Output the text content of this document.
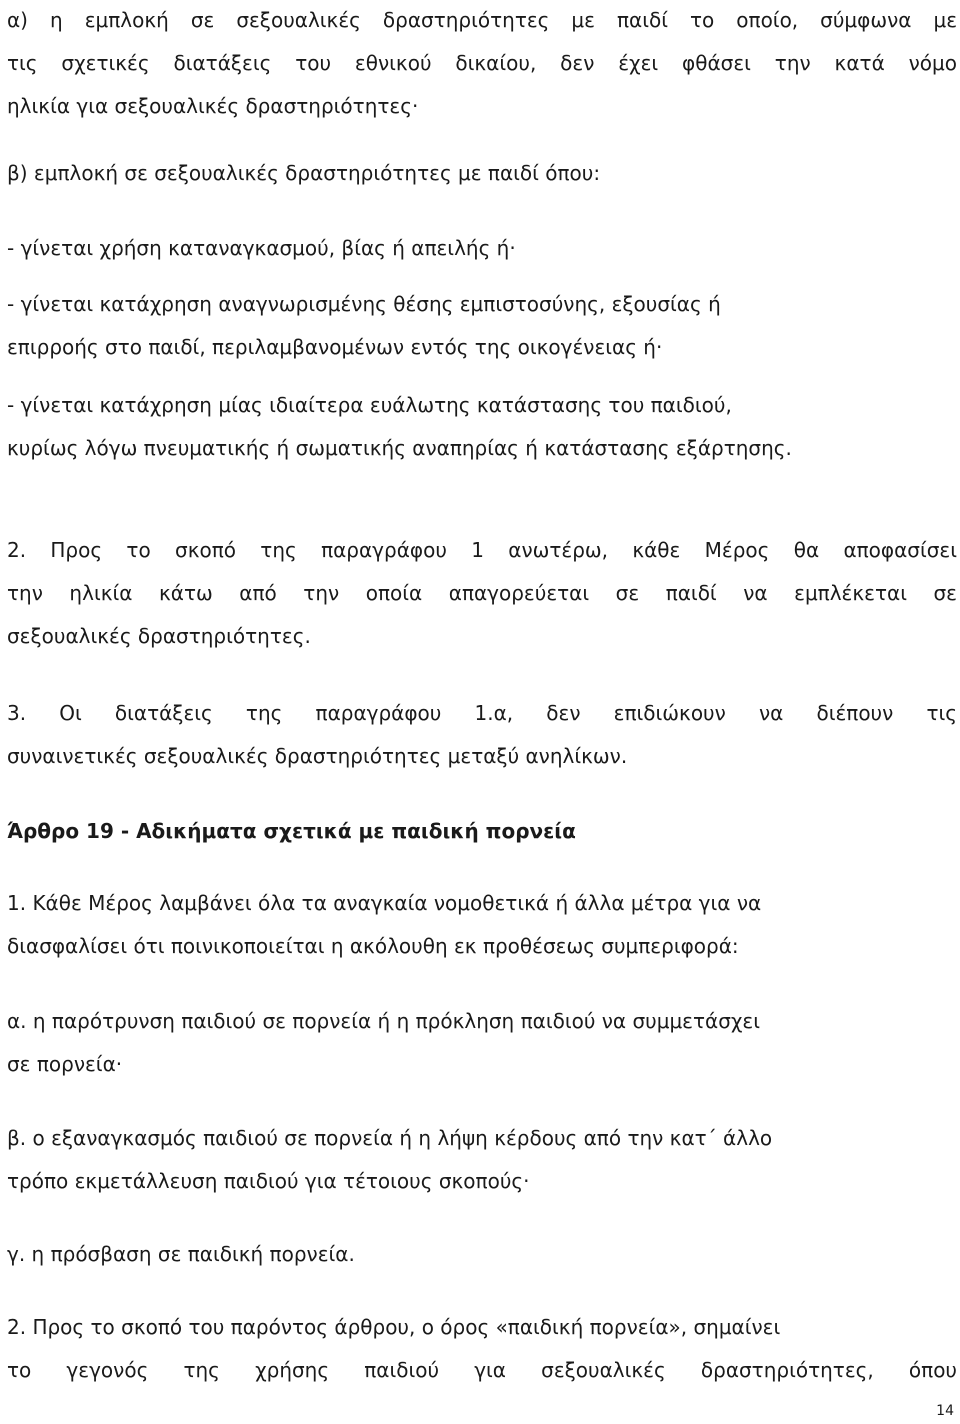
α) η εμπλοκή σε σεξουαλικές δραστηριότητες με παιδί το οποίο, σύμφωνα με
τις σχετικές διατάξεις του εθνικού δικαίου, δεν έχει φθάσει την κατά νόμο
ηλικία για σεξουαλικές δραστηριότητες·

β) εμπλοκή σε σεξουαλικές δραστηριότητες με παιδί όπου:

- γίνεται χρήση καταναγκασμού, βίας ή απειλής ή·

- γίνεται κατάχρηση αναγνωρισμένης θέσης εμπιστοσύνης, εξουσίας ή
επιρροής στο παιδί, περιλαμβανομένων εντός της οικογένειας ή·

- γίνεται κατάχρηση μίας ιδιαίτερα ευάλωτης κατάστασης του παιδιού,
κυρίως λόγω πνευματικής ή σωματικής αναπηρίας ή κατάστασης εξάρτησης.

2. Προς το σκοπό της παραγράφου 1 ανωτέρω, κάθε Μέρος θα αποφασίσει
την ηλικία κάτω από την οποία απαγορεύεται σε παιδί να εμπλέκεται σε
σεξουαλικές δραστηριότητες.

3. Οι διατάξεις της παραγράφου 1.α, δεν επιδιώκουν να διέπουν τις
συναινετικές σεξουαλικές δραστηριότητες μεταξύ ανηλίκων.

Άρθρο 19 - Αδικήματα σχετικά με παιδική πορνεία

1. Κάθε Μέρος λαμβάνει όλα τα αναγκαία νομοθετικά ή άλλα μέτρα για να
διασφαλίσει ότι ποινικοποιείται η ακόλουθη εκ προθέσεως συμπεριφορά:

α. η παρότρυνση παιδιού σε πορνεία ή η πρόκληση παιδιού να συμμετάσχει
σε πορνεία·

β. ο εξαναγκασμός παιδιού σε πορνεία ή η λήψη κέρδους από την κατ΄ άλλο
τρόπο εκμετάλλευση παιδιού για τέτοιους σκοπούς·

γ. η πρόσβαση σε παιδική πορνεία.

2. Προς το σκοπό του παρόντος άρθρου, ο όρος «παιδική πορνεία», σημαίνει
το γεγονός της χρήσης παιδιού για σεξουαλικές δραστηριότητες, όπου

14
